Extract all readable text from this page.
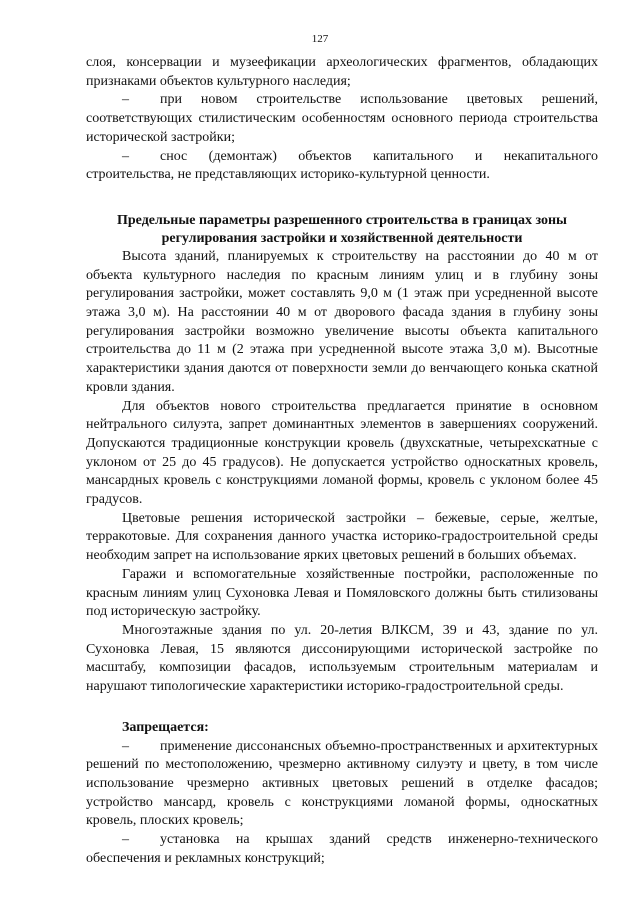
127

слоя, консервации и музеефикации археологических фрагментов, обладающих признаками объектов культурного наследия;

– при новом строительстве использование цветовых решений, соответствующих стилистическим особенностям основного периода строительства исторической застройки;

– снос (демонтаж) объектов капитального и некапитального строительства, не представляющих историко-культурной ценности.

Предельные параметры разрешенного строительства в границах зоны
регулирования застройки и хозяйственной деятельности

Высота зданий, планируемых к строительству на расстоянии до 40 м от объекта культурного наследия по красным линиям улиц и в глубину зоны регулирования застройки, может составлять 9,0 м (1 этаж при усредненной высоте этажа 3,0 м). На расстоянии 40 м от дворового фасада здания в глубину зоны регулирования застройки возможно увеличение высоты объекта капитального строительства до 11 м (2 этажа при усредненной высоте этажа 3,0 м). Высотные характеристики здания даются от поверхности земли до венчающего конька скатной кровли здания.

Для объектов нового строительства предлагается принятие в основном нейтрального силуэта, запрет доминантных элементов в завершениях сооружений. Допускаются традиционные конструкции кровель (двухскатные, четырехскатные с уклоном от 25 до 45 градусов). Не допускается устройство односкатных кровель, мансардных кровель с конструкциями ломаной формы, кровель с уклоном более 45 градусов.

Цветовые решения исторической застройки – бежевые, серые, желтые, терракотовые. Для сохранения данного участка историко-градостроительной среды необходим запрет на использование ярких цветовых решений в больших объемах.

Гаражи и вспомогательные хозяйственные постройки, расположенные по красным линиям улиц Сухоновка Левая и Помяловского должны быть стилизованы под историческую застройку.

Многоэтажные здания по ул. 20-летия ВЛКСМ, 39 и 43, здание по ул. Сухоновка Левая, 15 являются диссонирующими исторической застройке по масштабу, композиции фасадов, используемым строительным материалам и нарушают типологические характеристики историко-градостроительной среды.

Запрещается:

– применение диссонансных объемно-пространственных и архитектурных решений по местоположению, чрезмерно активному силуэту и цвету, в том числе использование чрезмерно активных цветовых решений в отделке фасадов; устройство мансард, кровель с конструкциями ломаной формы, односкатных кровель, плоских кровель;

– установка на крышах зданий средств инженерно-технического обеспечения и рекламных конструкций;
